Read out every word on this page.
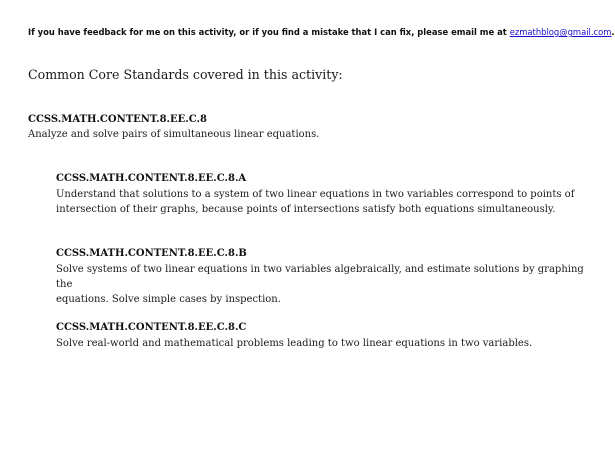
If you have feedback for me on this activity, or if you find a mistake that I can fix, please email me at ezmathblog@gmail.com.
Common Core Standards covered in this activity:
CCSS.MATH.CONTENT.8.EE.C.8
Analyze and solve pairs of simultaneous linear equations.
CCSS.MATH.CONTENT.8.EE.C.8.A
Understand that solutions to a system of two linear equations in two variables correspond to points of
intersection of their graphs, because points of intersections satisfy both equations simultaneously.
CCSS.MATH.CONTENT.8.EE.C.8.B
Solve systems of two linear equations in two variables algebraically, and estimate solutions by graphing the
equations. Solve simple cases by inspection.
CCSS.MATH.CONTENT.8.EE.C.8.C
Solve real-world and mathematical problems leading to two linear equations in two variables.
